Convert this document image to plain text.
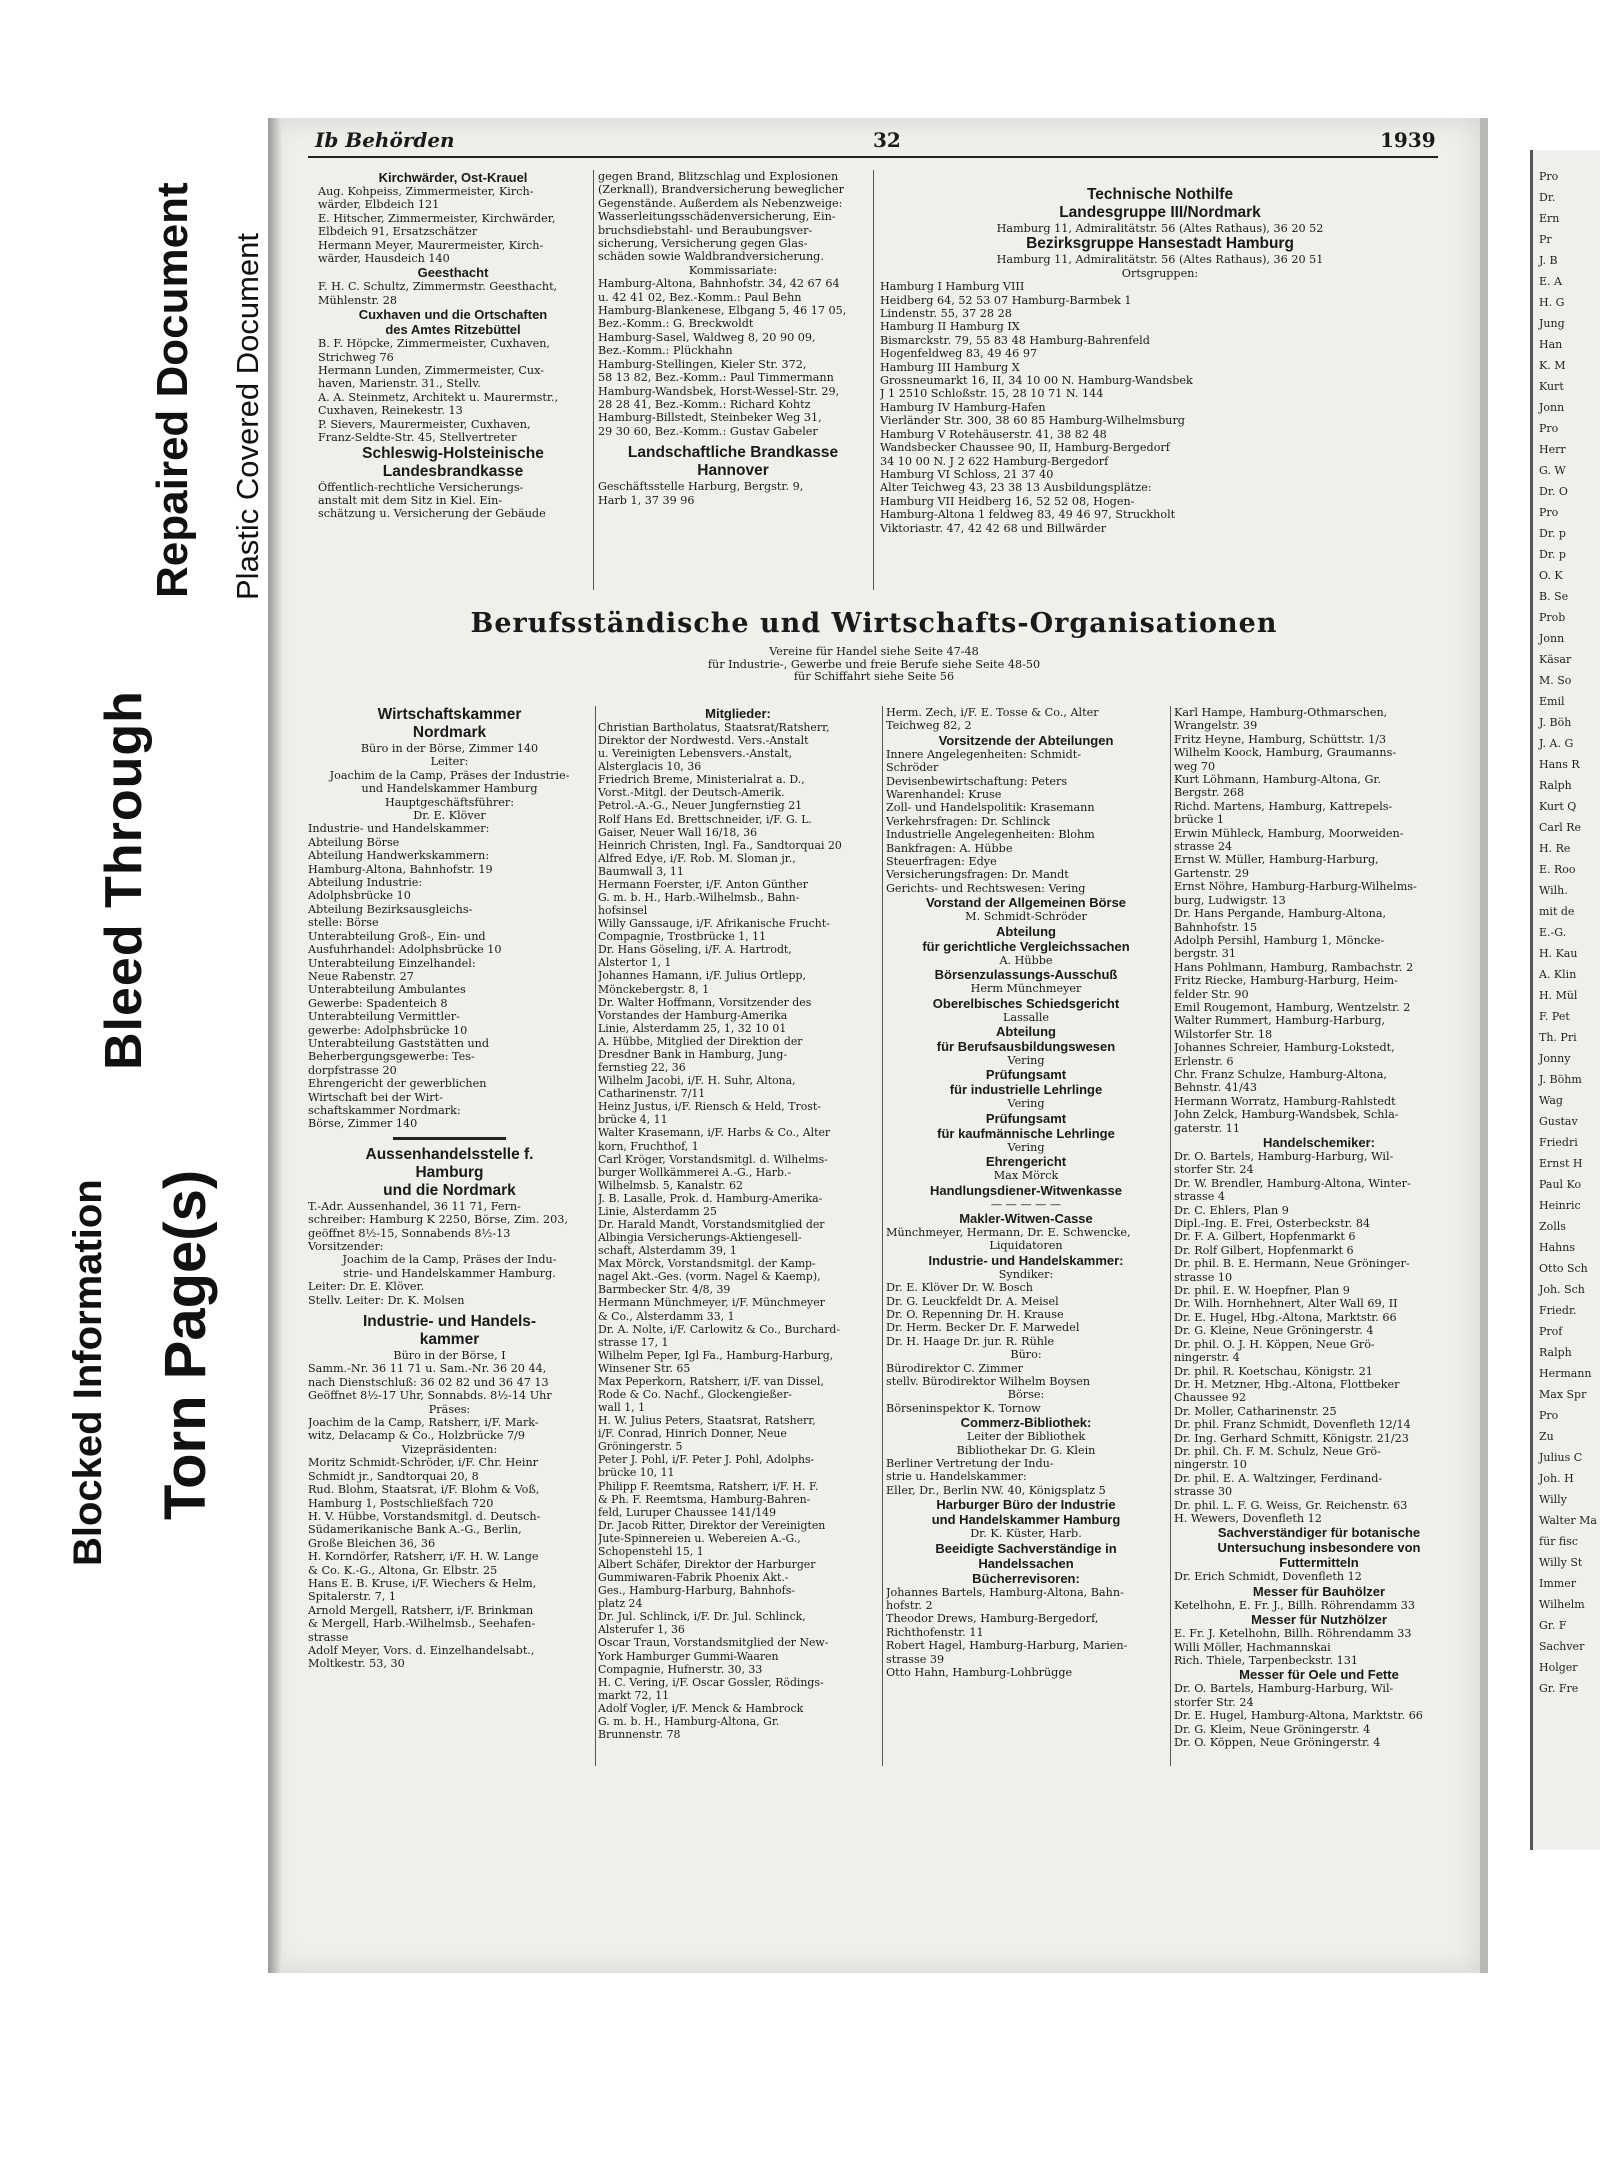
Plastic Covered Document
Repaired Document
Bleed Through
Blocked Information Torn Page(s)
Ib Behörden	32	1939
Kirchwärder, Ost-Krauel
Aug. Kohpeiss, Zimmermeister, Kirch-
wärder, Elbdeich 121
E. Hitscher, Zimmermeister, Kirchwärder,
Elbdeich 91, Ersatzschätzer
Hermann Meyer, Maurermeister, Kirch-
wärder, Hausdeich 140
Geesthacht
F. H. C. Schultz, Zimmermstr. Geesthacht,
Mühlenstr. 28
Cuxhaven und die Ortschaften
des Amtes Ritzebüttel
B. F. Höpcke, Zimmermeister, Cuxhaven,
Strichweg 76
Hermann Lunden, Zimmermeister, Cux-
haven, Marienstr. 31., Stellv.
A. A. Steinmetz, Architekt u. Maurermstr.,
Cuxhaven, Reinekestr. 13
P. Sievers, Maurermeister, Cuxhaven,
Franz-Seldte-Str. 45, Stellvertreter
Schleswig-Holsteinische
Landesbrandkasse
Öffentlich-rechtliche Versicherungs-
anstalt mit dem Sitz in Kiel. Ein-
schätzung u. Versicherung der Gebäude
gegen Brand, Blitzschlag und Explosionen
(Zerknall), Brandversicherung beweglicher
Gegenstände. Außerdem als Nebenzweige:
Wasserleitungsschädenversicherung, Ein-
bruchsdiebstahl- und Beraubungsver-
sicherung, Versicherung gegen Glas-
schäden sowie Waldbrandversicherung.
Kommissariate:
Hamburg-Altona, Bahnhofstr. 34, 42 67 64
u. 42 41 02, Bez.-Komm.: Paul Behn
Hamburg-Blankenese, Elbgang 5, 46 17 05,
Bez.-Komm.: G. Breckwoldt
Hamburg-Sasel, Waldweg 8, 20 90 09,
Bez.-Komm.: Plückhahn
Hamburg-Stellingen, Kieler Str. 372,
58 13 82, Bez.-Komm.: Paul Timmermann
Hamburg-Wandsbek, Horst-Wessel-Str. 29,
28 28 41, Bez.-Komm.: Richard Kohtz
Hamburg-Billstedt, Steinbeker Weg 31,
29 30 60, Bez.-Komm.: Gustav Gabeler
Landschaftliche Brandkasse
Hannover
Geschäftsstelle Harburg, Bergstr. 9,
Harb 1, 37 39 96
Technische Nothilfe
Landesgruppe III/Nordmark
Hamburg 11, Admiralitätstr. 56 (Altes Rathaus), 36 20 52
Bezirksgruppe Hansestadt Hamburg
Hamburg 11, Admiralitätstr. 56 (Altes Rathaus), 36 20 51
Ortsgruppen:
Hamburg I Hamburg VIII
Heidberg 64, 52 53 07 Hamburg-Barmbek 1
Lindenstr. 55, 37 28 28
Hamburg II Hamburg IX
Bismarckstr. 79, 55 83 48 Hamburg-Bahrenfeld
Hogenfeldweg 83, 49 46 97
Hamburg III Hamburg X
Grossneumarkt 16, II, 34 10 00 N. Hamburg-Wandsbek
J 1 2510 Schloßstr. 15, 28 10 71 N. 144
Hamburg IV Hamburg-Hafen
Vierländer Str. 300, 38 60 85 Hamburg-Wilhelmsburg
Hamburg V Rotehäuserstr. 41, 38 82 48
Wandsbecker Chaussee 90, II, Hamburg-Bergedorf
34 10 00 N. J 2 622 Hamburg-Bergedorf
Hamburg VI Schloss, 21 37 40
Alter Teichweg 43, 23 38 13 Ausbildungsplätze:
Hamburg VII Heidberg 16, 52 52 08, Hogen-
Hamburg-Altona 1 feldweg 83, 49 46 97, Struckholt
Viktoriastr. 47, 42 42 68 und Billwärder
Berufsständische und Wirtschafts-Organisationen
Vereine für Handel siehe Seite 47-48
für Industrie-, Gewerbe und freie Berufe siehe Seite 48-50
für Schiffahrt siehe Seite 56
Wirtschaftskammer
Nordmark
Büro in der Börse, Zimmer 140
Leiter:
Joachim de la Camp, Präses der Industrie-
und Handelskammer Hamburg
Hauptgeschäftsführer:
Dr. E. Klöver
Industrie- und Handelskammer:
Abteilung Börse
Abteilung Handwerkskammern:
Hamburg-Altona, Bahnhofstr. 19
Abteilung Industrie:
Adolphsbrücke 10
Abteilung Bezirksausgleichs-
stelle: Börse
Unterabteilung Groß-, Ein- und
Ausfuhrhandel: Adolphsbrücke 10
Unterabteilung Einzelhandel:
Neue Rabenstr. 27
Unterabteilung Ambulantes
Gewerbe: Spadenteich 8
Unterabteilung Vermittler-
gewerbe: Adolphsbrücke 10
Unterabteilung Gaststätten und
Beherbergungsgewerbe: Tes-
dorpfstrasse 20
Ehrengericht der gewerblichen
Wirtschaft bei der Wirt-
schaftskammer Nordmark:
Börse, Zimmer 140
Aussenhandelsstelle f.
Hamburg
und die Nordmark
T.-Adr. Aussenhandel, 36 11 71, Fern-
schreiber: Hamburg K 2250, Börse, Zim. 203,
geöffnet 8½-15, Sonnabends 8½-13
Vorsitzender:
Joachim de la Camp, Präses der Indu-
strie- und Handelskammer Hamburg.
Leiter: Dr. E. Klöver.
Stellv. Leiter: Dr. K. Molsen
Industrie- und Handels-
kammer
Büro in der Börse, I
Samm.-Nr. 36 11 71 u. Sam.-Nr. 36 20 44,
nach Dienstschluß: 36 02 82 und 36 47 13
Geöffnet 8½-17 Uhr, Sonnabds. 8½-14 Uhr
Präses:
Joachim de la Camp, Ratsherr, i/F. Mark-
witz, Delacamp & Co., Holzbrücke 7/9
Vizepräsidenten:
Moritz Schmidt-Schröder, i/F. Chr. Heinr
Schmidt jr., Sandtorquai 20, 8
Rud. Blohm, Staatsrat, i/F. Blohm & Voß,
Hamburg 1, Postschließfach 720
H. V. Hübbe, Vorstandsmitgl. d. Deutsch-
Südamerikanische Bank A.-G., Berlin,
Große Bleichen 36, 36
H. Korndörfer, Ratsherr, i/F. H. W. Lange
& Co. K.-G., Altona, Gr. Elbstr. 25
Hans E. B. Kruse, i/F. Wiechers & Helm,
Spitalerstr. 7, 1
Arnold Mergell, Ratsherr, i/F. Brinkman
& Mergell, Harb.-Wilhelmsb., Seehafen-
strasse
Adolf Meyer, Vors. d. Einzelhandelsabt.,
Moltkestr. 53, 30
Mitglieder:
Christian Bartholatus, Staatsrat/Ratsherr,
Direktor der Nordwestd. Vers.-Anstalt
u. Vereinigten Lebensvers.-Anstalt,
Alsterglacis 10, 36
Friedrich Breme, Ministerialrat a. D.,
Vorst.-Mitgl. der Deutsch-Amerik.
Petrol.-A.-G., Neuer Jungfernstieg 21
Rolf Hans Ed. Brettschneider, i/F. G. L.
Gaiser, Neuer Wall 16/18, 36
Heinrich Christen, Ingl. Fa., Sandtorquai 20
Alfred Edye, i/F. Rob. M. Sloman jr.,
Baumwall 3, 11
Hermann Foerster, i/F. Anton Günther
G. m. b. H., Harb.-Wilhelmsb., Bahn-
hofsinsel
Willy Ganssauge, i/F. Afrikanische Frucht-
Compagnie, Trostbrücke 1, 11
Dr. Hans Göseling, i/F. A. Hartrodt,
Alstertor 1, 1
Johannes Hamann, i/F. Julius Ortlepp,
Mönckebergstr. 8, 1
Dr. Walter Hoffmann, Vorsitzender des
Vorstandes der Hamburg-Amerika
Linie, Alsterdamm 25, 1, 32 10 01
A. Hübbe, Mitglied der Direktion der
Dresdner Bank in Hamburg, Jung-
fernstieg 22, 36
Wilhelm Jacobi, i/F. H. Suhr, Altona,
Catharinenstr. 7/11
Heinz Justus, i/F. Riensch & Held, Trost-
brücke 4, 11
Walter Krasemann, i/F. Harbs & Co., Alter
korn, Fruchthof, 1
Carl Kröger, Vorstandsmitgl. d. Wilhelms-
burger Wollkämmerei A.-G., Harb.-
Wilhelmsb. 5, Kanalstr. 62
J. B. Lasalle, Prok. d. Hamburg-Amerika-
Linie, Alsterdamm 25
Dr. Harald Mandt, Vorstandsmitglied der
Albingia Versicherungs-Aktiengesell-
schaft, Alsterdamm 39, 1
Max Mörck, Vorstandsmitgl. der Kamp-
nagel Akt.-Ges. (vorm. Nagel & Kaemp),
Barmbecker Str. 4/8, 39
Hermann Münchmeyer, i/F. Münchmeyer
& Co., Alsterdamm 33, 1
Dr. A. Nolte, i/F. Carlowitz & Co., Burchard-
strasse 17, 1
Wilhelm Peper, Igl Fa., Hamburg-Harburg,
Winsener Str. 65
Max Peperkorn, Ratsherr, i/F. van Dissel,
Rode & Co. Nachf., Glockengießer-
wall 1, 1
H. W. Julius Peters, Staatsrat, Ratsherr,
i/F. Conrad, Hinrich Donner, Neue
Gröningerstr. 5
Peter J. Pohl, i/F. Peter J. Pohl, Adolphs-
brücke 10, 11
Philipp F. Reemtsma, Ratsherr, i/F. H. F.
& Ph. F. Reemtsma, Hamburg-Bahren-
feld, Luruper Chaussee 141/149
Dr. Jacob Ritter, Direktor der Vereinigten
Jute-Spinnereien u. Webereien A.-G.,
Schopenstehl 15, 1
Albert Schäfer, Direktor der Harburger
Gummiwaren-Fabrik Phoenix Akt.-
Ges., Hamburg-Harburg, Bahnhofs-
platz 24
Dr. Jul. Schlinck, i/F. Dr. Jul. Schlinck,
Alsterufer 1, 36
Oscar Traun, Vorstandsmitglied der New-
York Hamburger Gummi-Waaren
Compagnie, Hufnerstr. 30, 33
H. C. Vering, i/F. Oscar Gossler, Rödings-
markt 72, 11
Adolf Vogler, i/F. Menck & Hambrock
G. m. b. H., Hamburg-Altona, Gr.
Brunnenstr. 78
Herm. Zech, i/F. E. Tosse & Co., Alter
Teichweg 82, 2
Vorsitzende der Abteilungen
Innere Angelegenheiten: Schmidt-
Schröder
Devisenbewirtschaftung: Peters
Warenhandel: Kruse
Zoll- und Handelspolitik: Krasemann
Verkehrsfragen: Dr. Schlinck
Industrielle Angelegenheiten: Blohm
Bankfragen: A. Hübbe
Steuerfragen: Edye
Versicherungsfragen: Dr. Mandt
Gerichts- und Rechtswesen: Vering
Vorstand der Allgemeinen Börse
M. Schmidt-Schröder
Abteilung
für gerichtliche Vergleichssachen
A. Hübbe
Börsenzulassungs-Ausschuß
Herm Münchmeyer
Oberelbisches Schiedsgericht
Lassalle
Abteilung
für Berufsausbildungswesen
Vering
Prüfungsamt
für industrielle Lehrlinge
Vering
Prüfungsamt
für kaufmännische Lehrlinge
Vering
Ehrengericht
Max Mörck
Handlungsdiener-Witwenkasse
— — — — —
Makler-Witwen-Casse
Münchmeyer, Hermann, Dr. E. Schwencke,
Liquidatoren
Industrie- und Handelskammer:
Syndiker:
Dr. E. Klöver Dr. W. Bosch
Dr. G. Leuckfeldt Dr. A. Meisel
Dr. O. Repenning Dr. H. Krause
Dr. Herm. Becker Dr. F. Marwedel
Dr. H. Haage Dr. jur. R. Rühle
Büro:
Bürodirektor C. Zimmer
stellv. Bürodirektor Wilhelm Boysen
Börse:
Börseninspektor K. Tornow
Commerz-Bibliothek:
Leiter der Bibliothek
Bibliothekar Dr. G. Klein
Berliner Vertretung der Indu-
strie u. Handelskammer:
Eller, Dr., Berlin NW. 40, Königsplatz 5
Harburger Büro der Industrie
und Handelskammer Hamburg
Dr. K. Küster, Harb.
Beeidigte Sachverständige in
Handelssachen
Bücherrevisoren:
Johannes Bartels, Hamburg-Altona, Bahn-
hofstr. 2
Theodor Drews, Hamburg-Bergedorf,
Richthofenstr. 11
Robert Hagel, Hamburg-Harburg, Marien-
strasse 39
Otto Hahn, Hamburg-Lohbrügge
Karl Hampe, Hamburg-Othmarschen,
Wrangelstr. 39
Fritz Heyne, Hamburg, Schüttstr. 1/3
Wilhelm Koock, Hamburg, Graumanns-
weg 70
Kurt Löhmann, Hamburg-Altona, Gr.
Bergstr. 268
Richd. Martens, Hamburg, Kattrepels-
brücke 1
Erwin Mühleck, Hamburg, Moorweiden-
strasse 24
Ernst W. Müller, Hamburg-Harburg,
Gartenstr. 29
Ernst Nöhre, Hamburg-Harburg-Wilhelms-
burg, Ludwigstr. 13
Dr. Hans Pergande, Hamburg-Altona,
Bahnhofstr. 15
Adolph Persihl, Hamburg 1, Möncke-
bergstr. 31
Hans Pohlmann, Hamburg, Rambachstr. 2
Fritz Riecke, Hamburg-Harburg, Heim-
felder Str. 90
Emil Rougemont, Hamburg, Wentzelstr. 2
Walter Rummert, Hamburg-Harburg,
Wilstorfer Str. 18
Johannes Schreier, Hamburg-Lokstedt,
Erlenstr. 6
Chr. Franz Schulze, Hamburg-Altona,
Behnstr. 41/43
Hermann Worratz, Hamburg-Rahlstedt
John Zelck, Hamburg-Wandsbek, Schla-
gaterstr. 11
Handelschemiker:
Dr. O. Bartels, Hamburg-Harburg, Wil-
storfer Str. 24
Dr. W. Brendler, Hamburg-Altona, Winter-
strasse 4
Dr. C. Ehlers, Plan 9
Dipl.-Ing. E. Frei, Osterbeckstr. 84
Dr. F. A. Gilbert, Hopfenmarkt 6
Dr. Rolf Gilbert, Hopfenmarkt 6
Dr. phil. B. E. Hermann, Neue Gröninger-
strasse 10
Dr. phil. E. W. Hoepfner, Plan 9
Dr. Wilh. Hornhehnert, Alter Wall 69, II
Dr. E. Hugel, Hbg.-Altona, Marktstr. 66
Dr. G. Kleine, Neue Gröningerstr. 4
Dr. phil. O. J. H. Köppen, Neue Grö-
ningerstr. 4
Dr. phil. R. Koetschau, Königstr. 21
Dr. H. Metzner, Hbg.-Altona, Flottbeker
Chaussee 92
Dr. Moller, Catharinenstr. 25
Dr. phil. Franz Schmidt, Dovenfleth 12/14
Dr. Ing. Gerhard Schmitt, Königstr. 21/23
Dr. phil. Ch. F. M. Schulz, Neue Grö-
ningerstr. 10
Dr. phil. E. A. Waltzinger, Ferdinand-
strasse 30
Dr. phil. L. F. G. Weiss, Gr. Reichenstr. 63
H. Wewers, Dovenfleth 12
Sachverständiger für botanische
Untersuchung insbesondere von
Futtermitteln
Dr. Erich Schmidt, Dovenfleth 12
Messer für Bauhölzer
Ketelhohn, E. Fr. J., Billh. Röhrendamm 33
Messer für Nutzhölzer
E. Fr. J. Ketelhohn, Billh. Röhrendamm 33
Willi Möller, Hachmannskai
Rich. Thiele, Tarpenbeckstr. 131
Messer für Oele und Fette
Dr. O. Bartels, Hamburg-Harburg, Wil-
storfer Str. 24
Dr. E. Hugel, Hamburg-Altona, Marktstr. 66
Dr. G. Kleim, Neue Gröningerstr. 4
Dr. O. Köppen, Neue Gröningerstr. 4
Pro
Dr.
Ern
Pr
J. B
E. A
H. G
Jung
Han
K. M
Kurt
Jonn
Pro
Herr
G. W
Dr. O
Pro
Dr. p
Dr. p
O. K
B. Se
Prob
Jonn
Käsar
M. So
Emil
J. Böh
J. A. G
Hans R
Ralph
Kurt Q
Carl Re
H. Re
E. Roo
Wilh.
mit de
E.-G.
H. Kau
A. Klin
H. Mül
F. Pet
Th. Pri
Jonny
J. Böhm
Wag
Gustav
Friedri
Ernst H
Paul Ko
Heinric
Zolls
Hahns
Otto Sch
Joh. Sch
Friedr.
Prof
Ralph
Hermann
Max Spr
Pro
Zu
Julius C
Joh. H
Willy
Walter Ma
für fisc
Willy St
Immer
Wilhelm
Gr. F
Sachver
Holger
Gr. Fre
